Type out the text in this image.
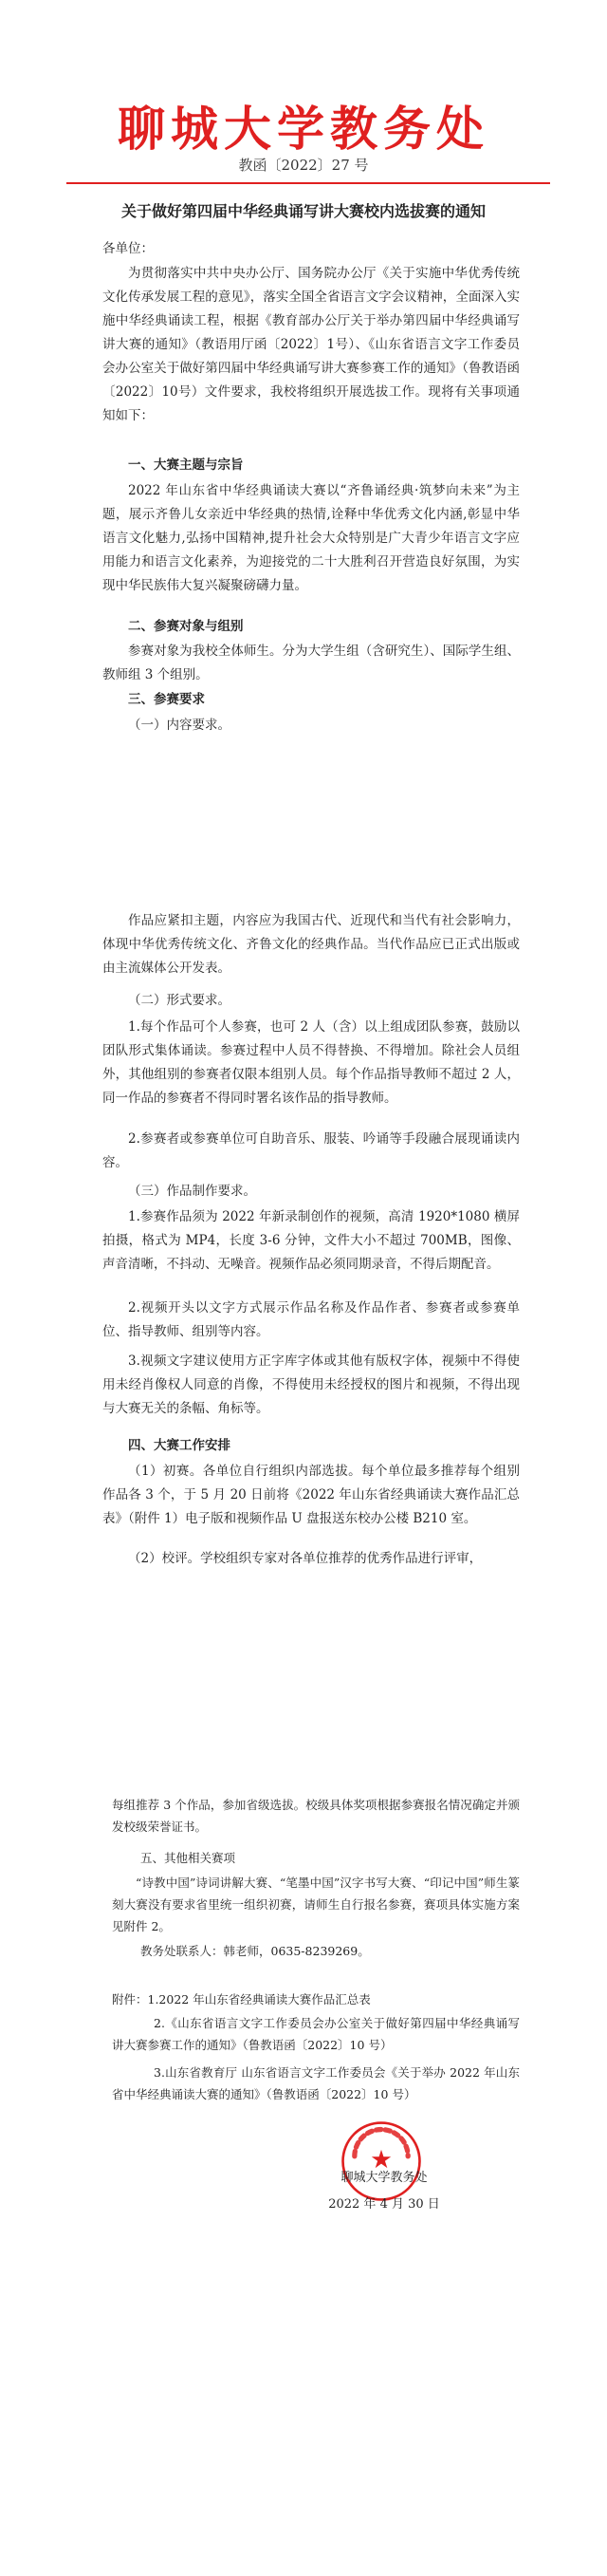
聊城大学教务处
教函〔2022〕27 号
关于做好第四届中华经典诵写讲大赛校内选拔赛的通知

各单位：

为贯彻落实中共中央办公厅、国务院办公厅《关于实施中华优秀传统文化传承发展工程的意见》，落实全国全省语言文字会议精神，全面深入实施中华经典诵读工程，根据《教育部办公厅关于举办第四届中华经典诵写讲大赛的通知》（教语用厅函〔2022〕1号）、《山东省语言文字工作委员会办公室关于做好第四届中华经典诵写讲大赛参赛工作的通知》（鲁教语函〔2022〕10号）文件要求，我校将组织开展选拔工作。现将有关事项通知如下：

一、大赛主题与宗旨

2022 年山东省中华经典诵读大赛以“齐鲁诵经典·筑梦向未来”为主题，展示齐鲁儿女亲近中华经典的热情,诠释中华优秀文化内涵,彰显中华语言文化魅力,弘扬中国精神,提升社会大众特别是广大青少年语言文字应用能力和语言文化素养，为迎接党的二十大胜利召开营造良好氛围，为实现中华民族伟大复兴凝聚磅礴力量。

二、参赛对象与组别

参赛对象为我校全体师生。分为大学生组（含研究生）、国际学生组、教师组 3 个组别。

三、参赛要求

（一）内容要求。

作品应紧扣主题，内容应为我国古代、近现代和当代有社会影响力，体现中华优秀传统文化、齐鲁文化的经典作品。当代作品应已正式出版或由主流媒体公开发表。

（二）形式要求。

1.每个作品可个人参赛，也可 2 人（含）以上组成团队参赛，鼓励以团队形式集体诵读。参赛过程中人员不得替换、不得增加。除社会人员组外，其他组别的参赛者仅限本组别人员。每个作品指导教师不超过 2 人，同一作品的参赛者不得同时署名该作品的指导教师。

2.参赛者或参赛单位可自助音乐、服装、吟诵等手段融合展现诵读内容。

（三）作品制作要求。

1.参赛作品须为 2022 年新录制创作的视频，高清 1920*1080 横屏拍摄，格式为 MP4，长度 3-6 分钟，文件大小不超过 700MB，图像、声音清晰，不抖动、无噪音。视频作品必须同期录音，不得后期配音。

2.视频开头以文字方式展示作品名称及作品作者、参赛者或参赛单位、指导教师、组别等内容。

3.视频文字建议使用方正字库字体或其他有版权字体，视频中不得使用未经肖像权人同意的肖像，不得使用未经授权的图片和视频，不得出现与大赛无关的条幅、角标等。

四、大赛工作安排

（1）初赛。各单位自行组织内部选拔。每个单位最多推荐每个组别作品各 3 个，于 5 月 20 日前将《2022 年山东省经典诵读大赛作品汇总表》（附件 1）电子版和视频作品 U 盘报送东校办公楼 B210 室。

（2）校评。学校组织专家对各单位推荐的优秀作品进行评审，

每组推荐 3 个作品，参加省级选拔。校级具体奖项根据参赛报名情况确定并颁发校级荣誉证书。

五、其他相关赛项

“诗教中国”诗词讲解大赛、“笔墨中国”汉字书写大赛、“印记中国”师生篆刻大赛没有要求省里统一组织初赛，请师生自行报名参赛，赛项具体实施方案见附件 2。

教务处联系人：韩老师，0635-8239269。

附件：1.2022 年山东省经典诵读大赛作品汇总表

2.《山东省语言文字工作委员会办公室关于做好第四届中华经典诵写讲大赛参赛工作的通知》（鲁教语函〔2022〕10 号）

3.山东省教育厅 山东省语言文字工作委员会《关于举办 2022 年山东省中华经典诵读大赛的通知》（鲁教语函〔2022〕10 号）

★
聊城大学教务处
2022 年 4 月 30 日
